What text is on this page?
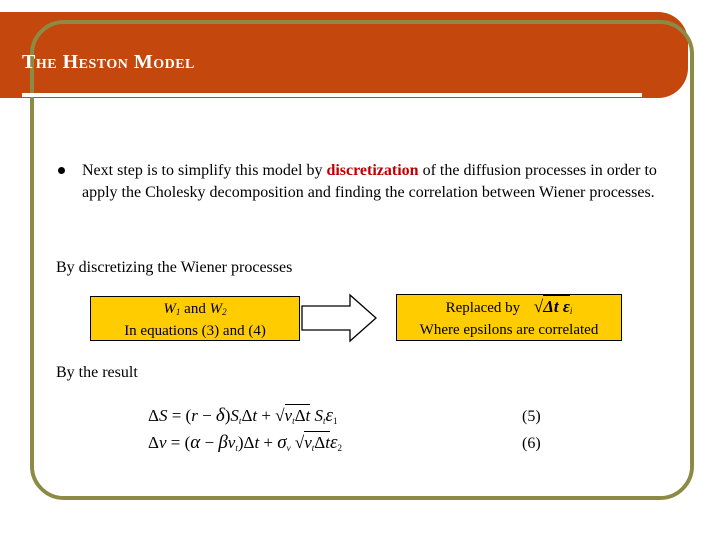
The Heston Model
Next step is to simplify this model by discretization of the diffusion processes in order to apply the Cholesky decomposition and finding the correlation between Wiener processes.
By discretizing the Wiener processes
$W_1$ and $W_2$
In equations (3) and (4)
Replaced by √Δt $\varepsilon_i$
Where epsilons are correlated
By the result
ΔS = (r − δ)StΔt + √vtΔt Stε1	(5)
Δv = (α − βvt)Δt + σv √vtΔtε2	(6)
